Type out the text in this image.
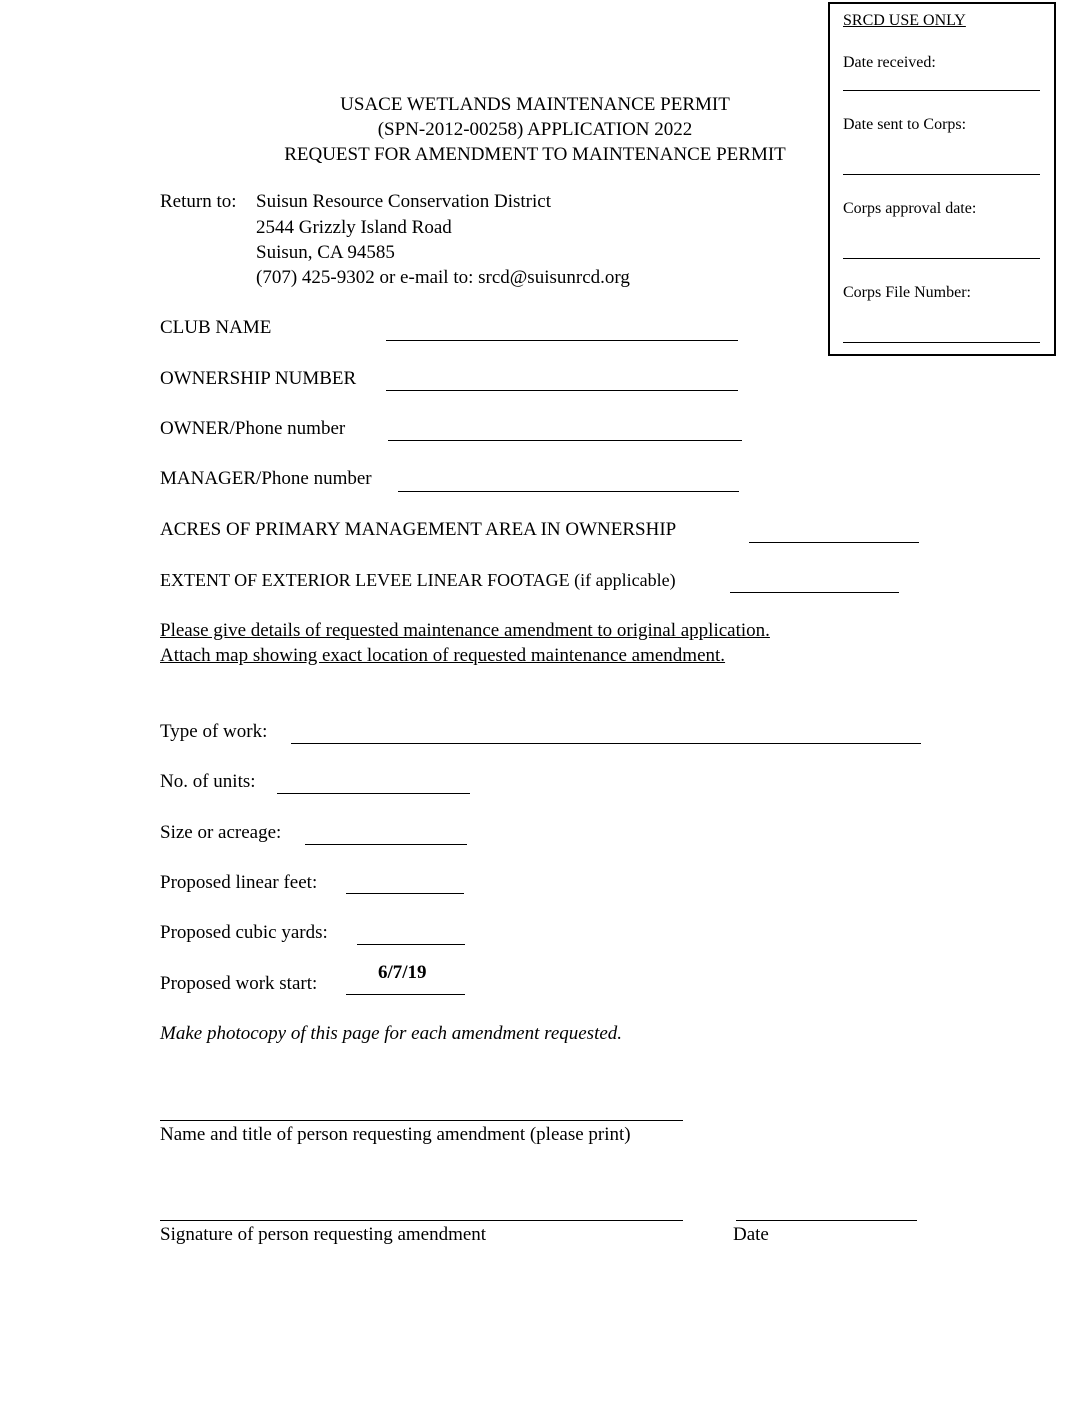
SRCD USE ONLY
Date received:
Date sent to Corps:
Corps approval date:
Corps File Number:
USACE WETLANDS MAINTENANCE PERMIT
(SPN-2012-00258) APPLICATION 2022
REQUEST FOR AMENDMENT TO MAINTENANCE PERMIT
Return to: Suisun Resource Conservation District
2544 Grizzly Island Road
Suisun, CA 94585
(707) 425-9302 or e-mail to: srcd@suisunrcd.org
CLUB NAME
OWNERSHIP NUMBER
OWNER/Phone number
MANAGER/Phone number
ACRES OF PRIMARY MANAGEMENT AREA IN OWNERSHIP
EXTENT OF EXTERIOR LEVEE LINEAR FOOTAGE (if applicable)
Please give details of requested maintenance amendment to original application.
Attach map showing exact location of requested maintenance amendment.
Type of work:
No. of units:
Size or acreage:
Proposed linear feet:
Proposed cubic yards:
Proposed work start:
6/7/19
Make photocopy of this page for each amendment requested.
Name and title of person requesting amendment (please print)
Signature of person requesting amendment	Date
